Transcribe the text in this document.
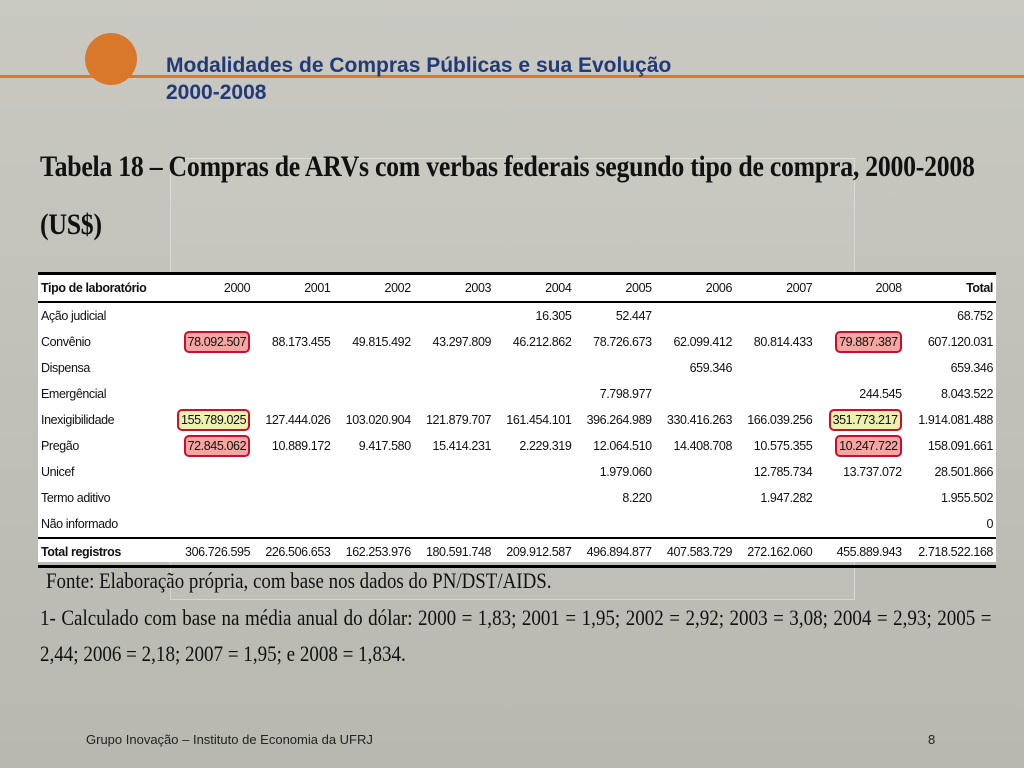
Modalidades de Compras Públicas e sua Evolução
2000-2008
Tabela 18 – Compras de ARVs com verbas federais segundo tipo de compra, 2000-2008 (US$)
Tipo de laboratório	2000	2001	2002	2003	2004	2005	2006	2007	2008	Total
Ação judicial					16.305	52.447				68.752
Convênio	78.092.507	88.173.455	49.815.492	43.297.809	46.212.862	78.726.673	62.099.412	80.814.433	79.887.387	607.120.031
Dispensa							659.346			659.346
Emergêncial						7.798.977			244.545	8.043.522
Inexigibilidade	155.789.025	127.444.026	103.020.904	121.879.707	161.454.101	396.264.989	330.416.263	166.039.256	351.773.217	1.914.081.488
Pregão	72.845.062	10.889.172	9.417.580	15.414.231	2.229.319	12.064.510	14.408.708	10.575.355	10.247.722	158.091.661
Unicef						1.979.060		12.785.734	13.737.072	28.501.866
Termo aditivo						8.220		1.947.282		1.955.502
Não informado										0
Total registros	306.726.595	226.506.653	162.253.976	180.591.748	209.912.587	496.894.877	407.583.729	272.162.060	455.889.943	2.718.522.168
Fonte: Elaboração própria, com base nos dados do PN/DST/AIDS.
1- Calculado com base na média anual do dólar: 2000 = 1,83; 2001 = 1,95; 2002 = 2,92; 2003 = 3,08; 2004 = 2,93; 2005 = 2,44; 2006 = 2,18; 2007 = 1,95; e 2008 = 1,834.
Grupo Inovação – Instituto de Economia da UFRJ	8
